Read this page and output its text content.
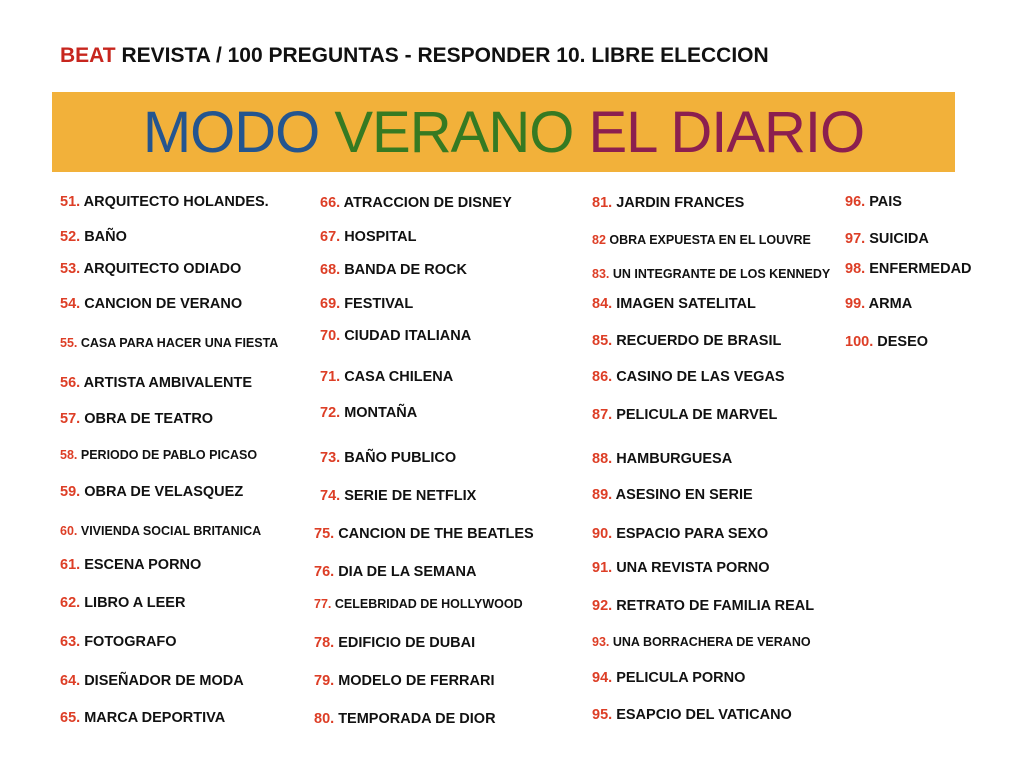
BEAT REVISTA / 100 PREGUNTAS - RESPONDER 10. LIBRE ELECCION
MODO VERANO EL DIARIO
51. ARQUITECTO HOLANDES.
52. BAÑO
53. ARQUITECTO ODIADO
54. CANCION DE VERANO
55. CASA PARA HACER UNA FIESTA
56. ARTISTA AMBIVALENTE
57. OBRA DE TEATRO
58. PERIODO DE PABLO PICASO
59. OBRA DE VELASQUEZ
60. VIVIENDA SOCIAL BRITANICA
61. ESCENA PORNO
62. LIBRO A LEER
63. FOTOGRAFO
64. DISEÑADOR DE MODA
65. MARCA DEPORTIVA
66. ATRACCION DE DISNEY
67. HOSPITAL
68. BANDA DE ROCK
69. FESTIVAL
70. CIUDAD ITALIANA
71. CASA CHILENA
72. MONTAÑA
73. BAÑO PUBLICO
74. SERIE DE NETFLIX
75. CANCION DE THE BEATLES
76. DIA DE LA SEMANA
77. CELEBRIDAD DE HOLLYWOOD
78. EDIFICIO DE DUBAI
79. MODELO DE FERRARI
80. TEMPORADA DE DIOR
81. JARDIN FRANCES
82 OBRA EXPUESTA EN EL LOUVRE
83. UN INTEGRANTE DE LOS KENNEDY
84. IMAGEN SATELITAL
85. RECUERDO DE BRASIL
86. CASINO DE LAS VEGAS
87. PELICULA DE MARVEL
88. HAMBURGUESA
89. ASESINO EN SERIE
90. ESPACIO PARA SEXO
91. UNA REVISTA PORNO
92. RETRATO DE FAMILIA REAL
93. UNA BORRACHERA DE VERANO
94. PELICULA PORNO
95. ESAPCIO DEL VATICANO
96. PAIS
97. SUICIDA
98. ENFERMEDAD
99. ARMA
100. DESEO
